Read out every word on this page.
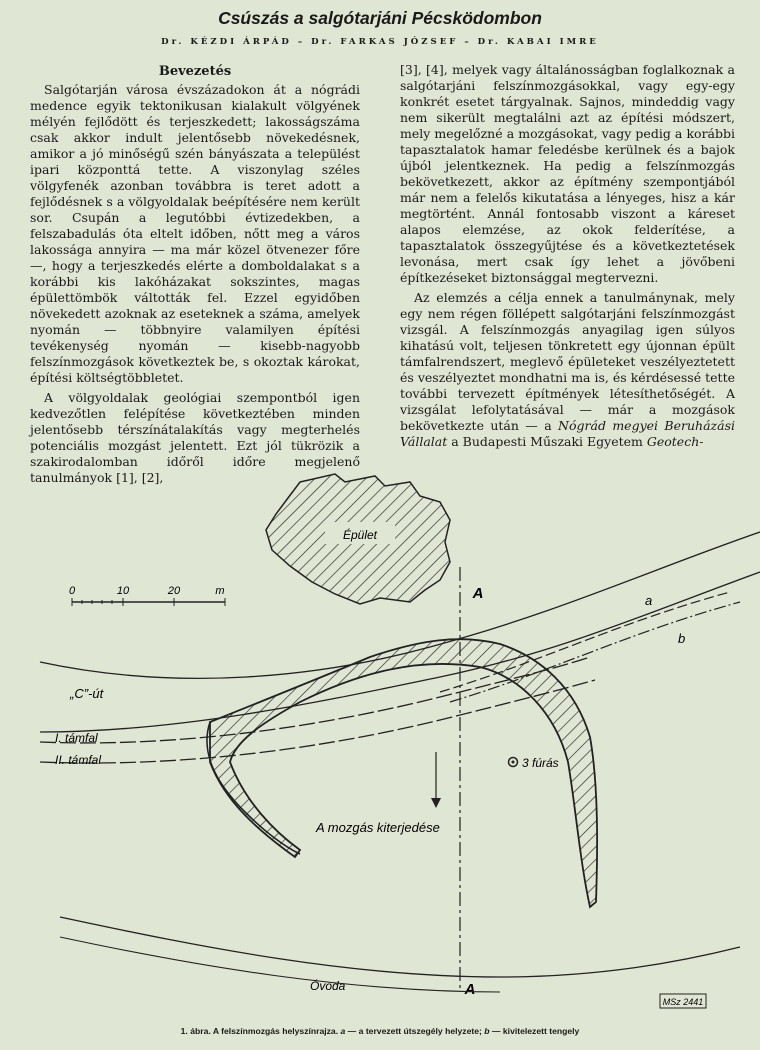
Csúszás a salgótarjáni Pécsködombon
Dr. KÉZDI ÁRPÁD – Dr. FARKAS JÓZSEF – Dr. KABAI IMRE
Bevezetés

Salgótarján városa évszázadokon át a nógrádi medence egyik tektonikusan kialakult völgyének mélyén fejlődött és terjeszkedett; lakosságszáma csak akkor indult jelentősebb növekedésnek, amikor a jó minőségű szén bányászata a települést ipari központtá tette. A viszonylag széles völgyfenék azonban továbbra is teret adott a fejlődésnek s a völgyoldalak beépítésére nem került sor. Csupán a legutóbbi évtizedekben, a felszabadulás óta eltelt időben, nőtt meg a város lakossága annyira — ma már közel ötvenezer főre —, hogy a terjeszkedés elérte a domboldalakat s a korábbi kis lakóházakat sokszintes, magas épülettömbök váltották fel. Ezzel egyidőben növekedett azoknak az eseteknek a száma, amelyek nyomán — többnyire valamilyen építési tevékenység nyomán — kisebb-nagyobb felszínmozgások következtek be, s okoztak károkat, építési költségtöbbletet.

A völgyoldalak geológiai szempontból igen kedvezőtlen felépítése következtében minden jelentősebb térszínátalakítás vagy megterhelés potenciális mozgást jelentett. Ezt jól tükrözik a szakirodalomban időről időre megjelenő tanulmányok [1], [2],

[3], [4], melyek vagy általánosságban foglalkoznak a salgótarjáni felszínmozgásokkal, vagy egy-egy konkrét esetet tárgyalnak. Sajnos, mindeddig vagy nem sikerült megtalálni azt az építési módszert, mely megelőzné a mozgásokat, vagy pedig a korábbi tapasztalatok hamar feledésbe kerülnek és a bajok újból jelentkeznek. Ha pedig a felszínmozgás bekövetkezett, akkor az építmény szempontjából már nem a felelős kikutatása a lényeges, hisz a kár megtörtént. Annál fontosabb viszont a káreset alapos elemzése, az okok felderítése, a tapasztalatok összegyűjtése és a következtetések levonása, mert csak így lehet a jövőbeni építkezéseket biztonsággal megtervezni.

Az elemzés a célja ennek a tanulmánynak, mely egy nem régen föllépett salgótarjáni felszínmozgást vizsgál. A felszínmozgás anyagilag igen súlyos kihatású volt, teljesen tönkretett egy újonnan épült támfalrendszert, meglevő épületeket veszélyeztetett és veszélyeztet mondhatni ma is, és kérdésessé tette további tervezett építmények létesíthetőségét. A vizsgálat lefolytatásával — már a mozgások bekövetkezte után — a Nógrád megyei Beruházási Vállalat a Budapesti Műszaki Egyetem Geotech-

Épület
0	10	20	m	A
A
a
b
„C”-út
I. támfal
II. támfal	3 fúrás
A mozgás kiterjedése
Óvoda
MSz 2441
1. ábra. A felszínmozgás helyszínrajza. a — a tervezett útszegély helyzete; b — kivitelezett tengely
